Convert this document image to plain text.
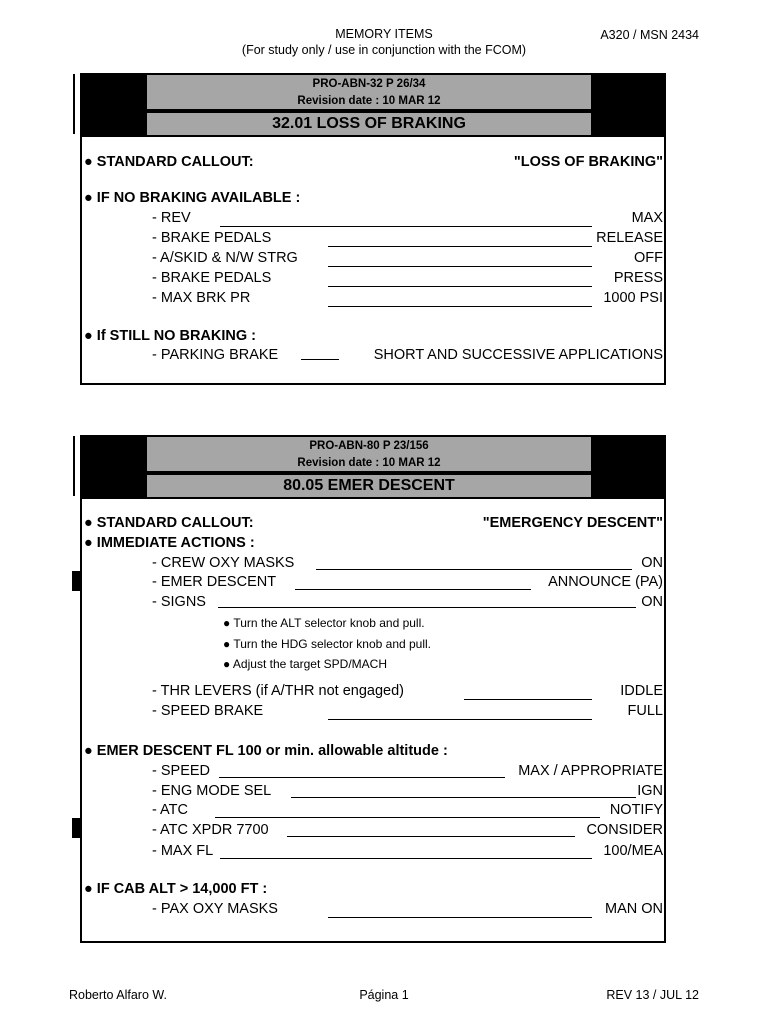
MEMORY ITEMS
(For study only / use in conjunction with the FCOM)
A320 / MSN 2434
PRO-ABN-32 P 26/34
Revision date : 10 MAR 12
32.01 LOSS OF BRAKING
● STANDARD CALLOUT:	"LOSS OF BRAKING"
● IF NO BRAKING AVAILABLE :
- REV	MAX
- BRAKE PEDALS	RELEASE
- A/SKID & N/W STRG	OFF
- BRAKE PEDALS	PRESS
- MAX BRK PR	1000 PSI
● If STILL NO BRAKING :
- PARKING BRAKE	SHORT AND SUCCESSIVE APPLICATIONS
PRO-ABN-80 P 23/156
Revision date : 10 MAR 12
80.05 EMER DESCENT
● STANDARD CALLOUT:	"EMERGENCY DESCENT"
● IMMEDIATE ACTIONS :
- CREW OXY MASKS	ON
- EMER DESCENT	ANNOUNCE (PA)
- SIGNS	ON
● Turn the ALT selector knob and pull.
● Turn the HDG selector knob and pull.
● Adjust the target SPD/MACH
- THR LEVERS (if A/THR not engaged)	IDDLE
- SPEED BRAKE	FULL
● EMER DESCENT FL 100 or min. allowable altitude :
- SPEED	MAX / APPROPRIATE
- ENG MODE SEL	IGN
- ATC	NOTIFY
- ATC XPDR 7700	CONSIDER
- MAX FL	100/MEA
● IF CAB ALT > 14,000 FT :
- PAX OXY MASKS	MAN ON
Roberto Alfaro W.	Página 1	REV 13 / JUL 12
